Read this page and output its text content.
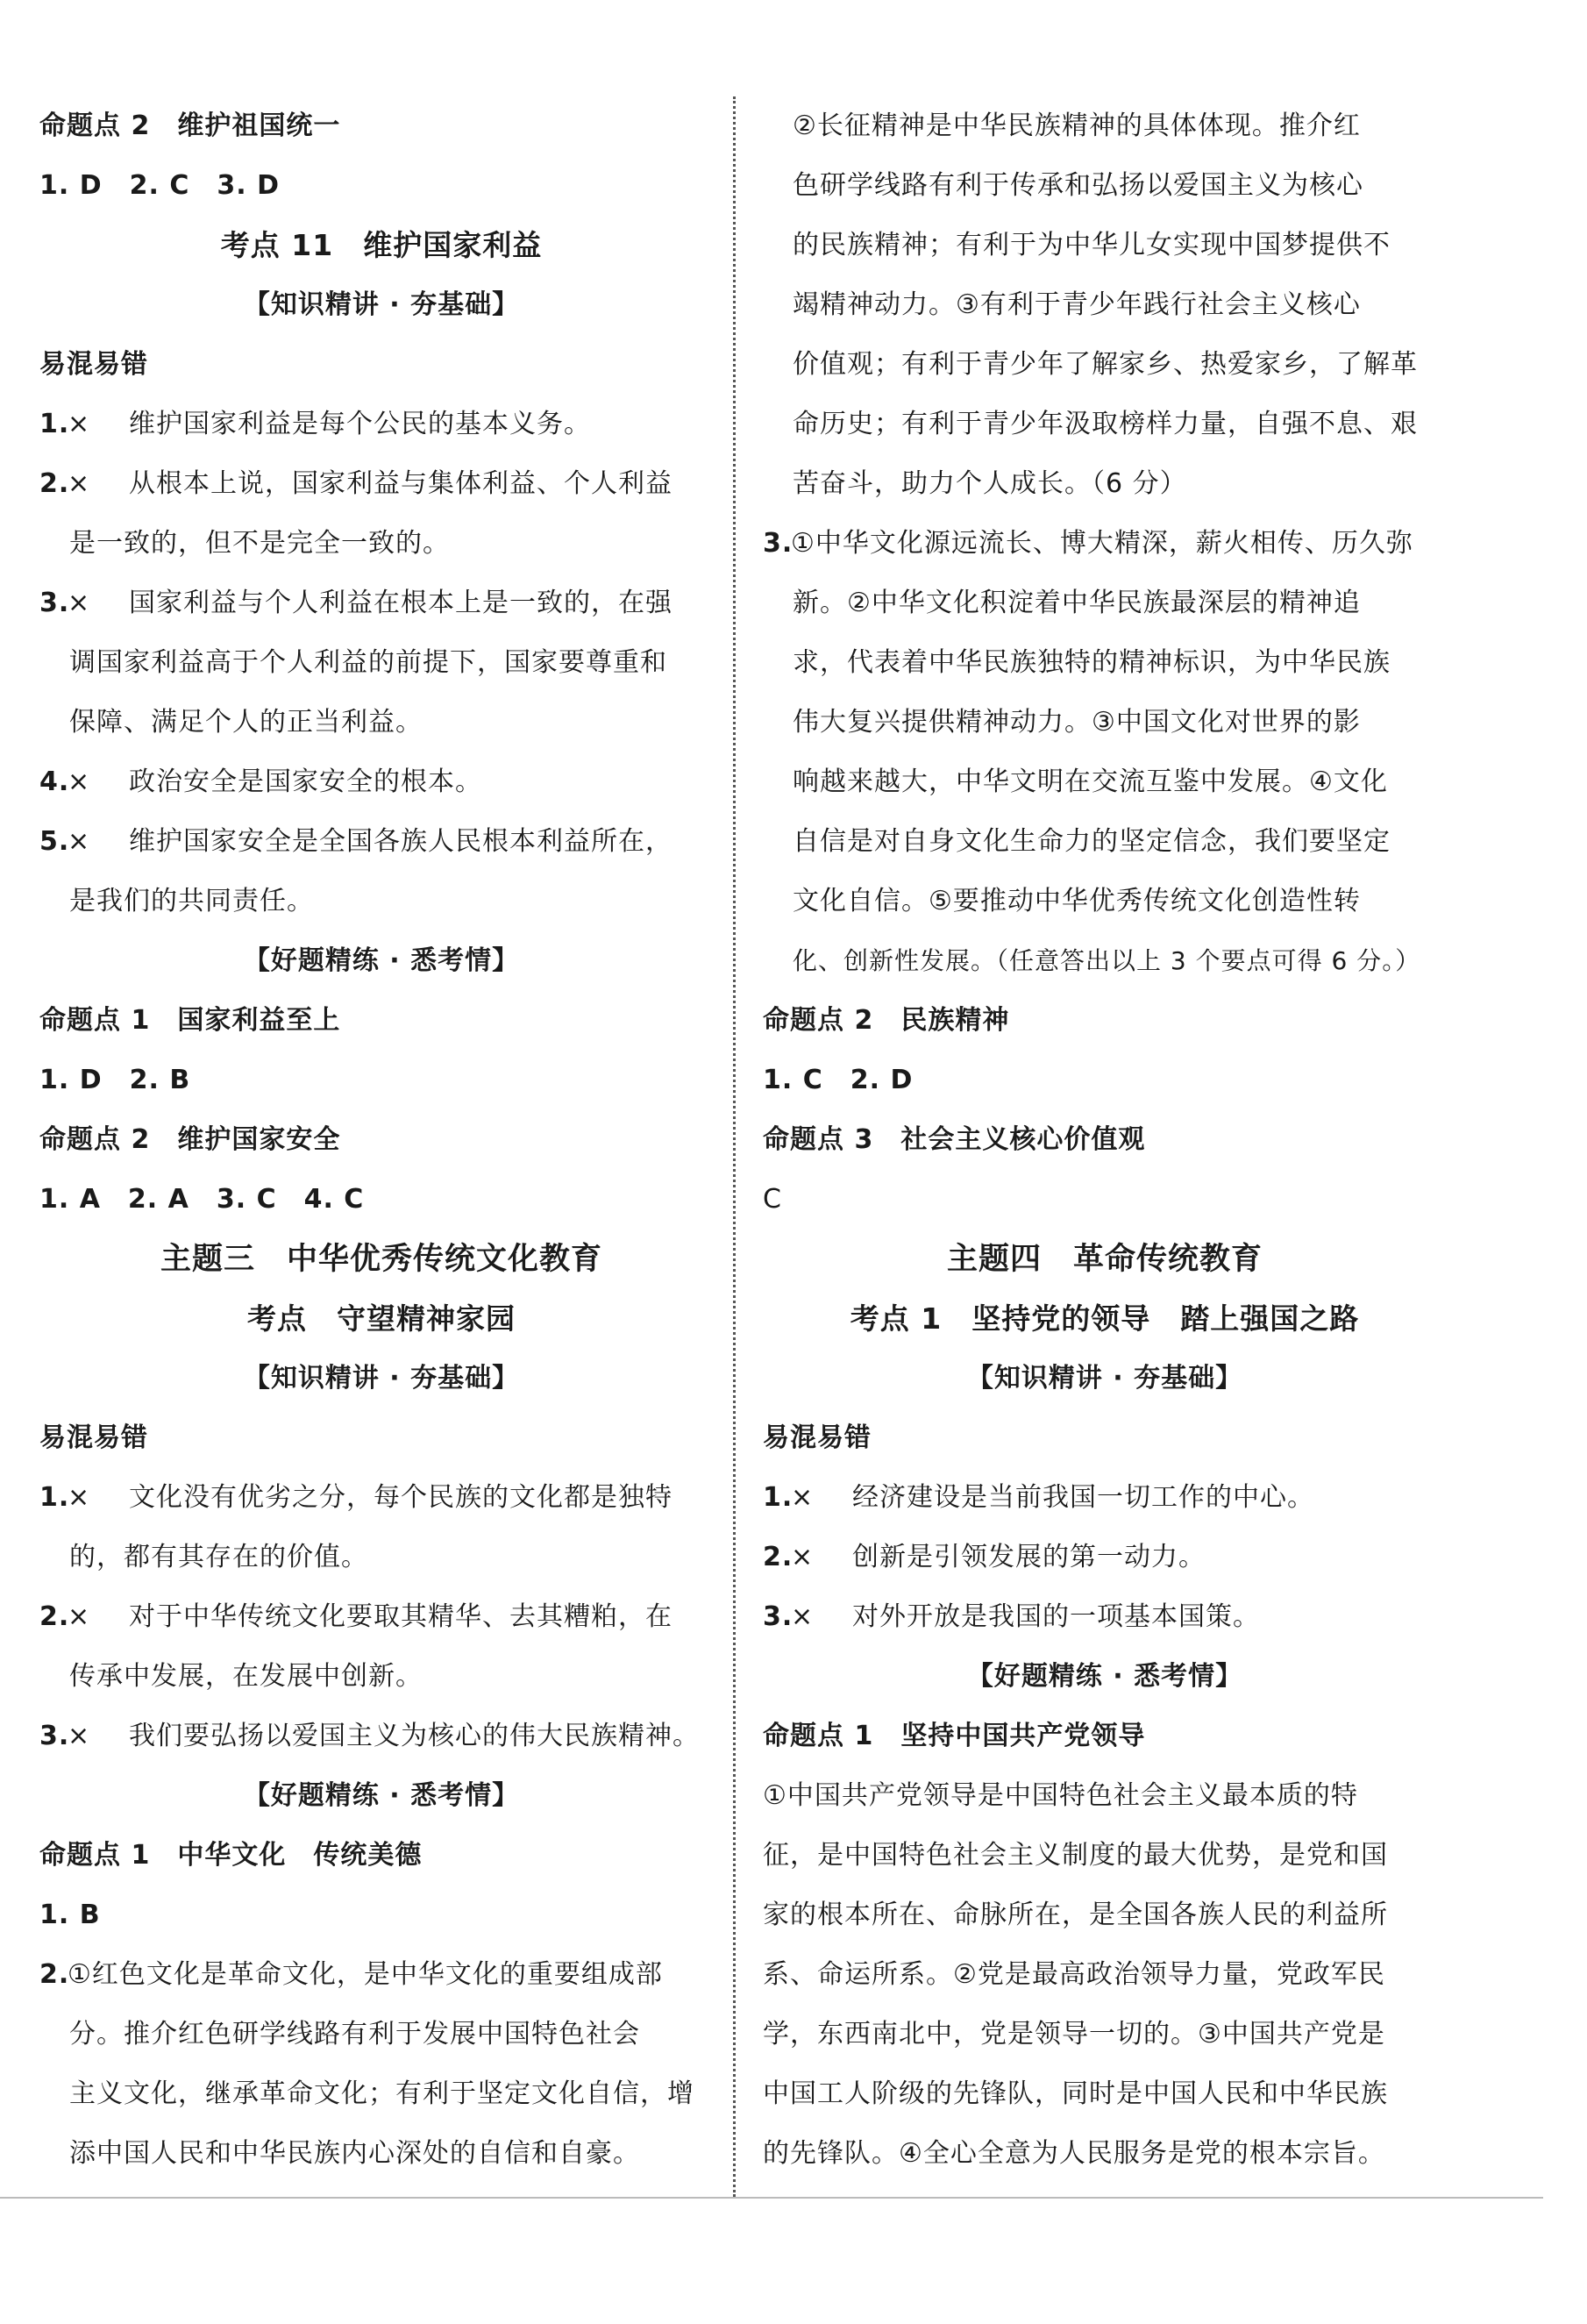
命题点 2　维护祖国统一
1. D　2. C　3. D
考点 11　维护国家利益
【知识精讲 · 夯基础】
易混易错
1.
×	维护国家利益是每个公民的基本义务。
2.
×	从根本上说，国家利益与集体利益、个人利益
是一致的，但不是完全一致的。
3.
×	国家利益与个人利益在根本上是一致的，在强
调国家利益高于个人利益的前提下，国家要尊重和
保障、满足个人的正当利益。
4.
×	政治安全是国家安全的根本。
5.
×	维护国家安全是全国各族人民根本利益所在，
是我们的共同责任。
【好题精练 · 悉考情】
命题点 1　国家利益至上
1. D　2. B
命题点 2　维护国家安全
1. A　2. A　3. C　4. C
主题三　中华优秀传统文化教育
考点　守望精神家园
【知识精讲 · 夯基础】
易混易错
1.
×	文化没有优劣之分，每个民族的文化都是独特
的，都有其存在的价值。
2.
×	对于中华传统文化要取其精华、去其糟粕，在
传承中发展，在发展中创新。
3.
×	我们要弘扬以爱国主义为核心的伟大民族精神。
【好题精练 · 悉考情】
命题点 1　中华文化　传统美德
1. B
2.
①红色文化是革命文化，是中华文化的重要组成部
分。推介红色研学线路有利于发展中国特色社会
主义文化，继承革命文化；有利于坚定文化自信，增
添中国人民和中华民族内心深处的自信和自豪。
②长征精神是中华民族精神的具体体现。推介红
色研学线路有利于传承和弘扬以爱国主义为核心
的民族精神；有利于为中华儿女实现中国梦提供不
竭精神动力。③有利于青少年践行社会主义核心
价值观；有利于青少年了解家乡、热爱家乡，了解革
命历史；有利于青少年汲取榜样力量，自强不息、艰
苦奋斗，助力个人成长。（6 分）
3.
①中华文化源远流长、博大精深，薪火相传、历久弥
新。②中华文化积淀着中华民族最深层的精神追
求，代表着中华民族独特的精神标识，为中华民族
伟大复兴提供精神动力。③中国文化对世界的影
响越来越大，中华文明在交流互鉴中发展。④文化
自信是对自身文化生命力的坚定信念，我们要坚定
文化自信。⑤要推动中华优秀传统文化创造性转
化、创新性发展。（任意答出以上 3 个要点可得 6 分。）
命题点 2　民族精神
1. C　2. D
命题点 3　社会主义核心价值观
C
主题四　革命传统教育
考点 1　坚持党的领导　踏上强国之路
【知识精讲 · 夯基础】
易混易错
1.
×	经济建设是当前我国一切工作的中心。
2.
×	创新是引领发展的第一动力。
3.
×	对外开放是我国的一项基本国策。
【好题精练 · 悉考情】
命题点 1　坚持中国共产党领导
①中国共产党领导是中国特色社会主义最本质的特
征，是中国特色社会主义制度的最大优势，是党和国
家的根本所在、命脉所在，是全国各族人民的利益所
系、命运所系。②党是最高政治领导力量，党政军民
学，东西南北中，党是领导一切的。③中国共产党是
中国工人阶级的先锋队，同时是中国人民和中华民族
的先锋队。④全心全意为人民服务是党的根本宗旨。
